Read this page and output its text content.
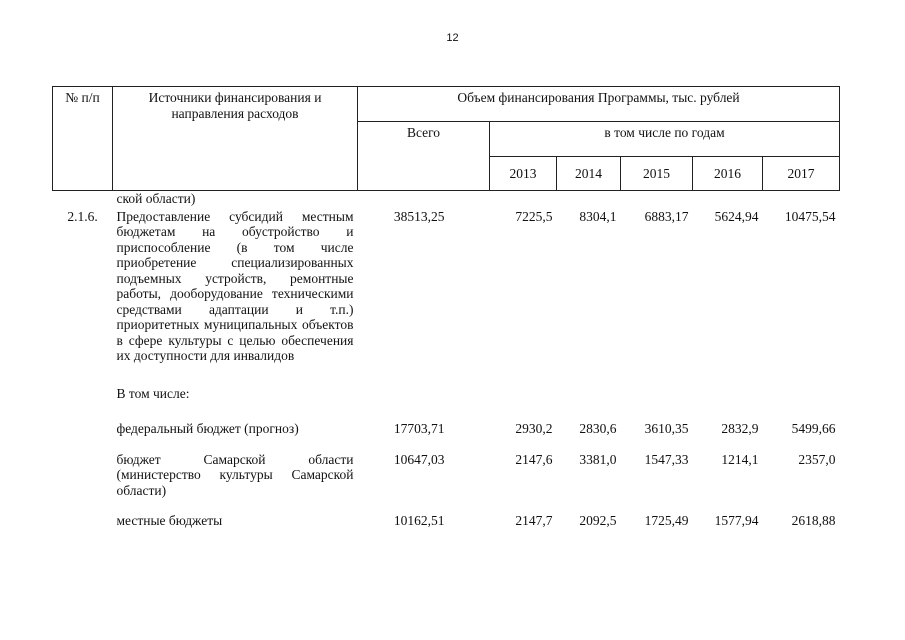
12
№ п/п	Источники финансирования и направления расходов	Объем финансирования Программы, тыс. рублей					
		Всего	в том числе по годам				
			2013	2014	2015	2016	2017
	ской области)						
2.1.6.	Предоставление субсидий местным бюджетам на обустройство и приспособление (в том числе приобретение специализированных подъемных устройств, ремонтные работы, дооборудование техническими средствами адаптации и т.п.) приоритетных муниципальных объектов в сфере культуры с целью обеспечения их доступности для инвалидов	38513,25	7225,5	8304,1	6883,17	5624,94	10475,54
	В том числе:						
	федеральный бюджет (прогноз)	17703,71	2930,2	2830,6	3610,35	2832,9	5499,66
	бюджет Самарской области (министерство культуры Самарской области)	10647,03	2147,6	3381,0	1547,33	1214,1	2357,0
	местные бюджеты	10162,51	2147,7	2092,5	1725,49	1577,94	2618,88
